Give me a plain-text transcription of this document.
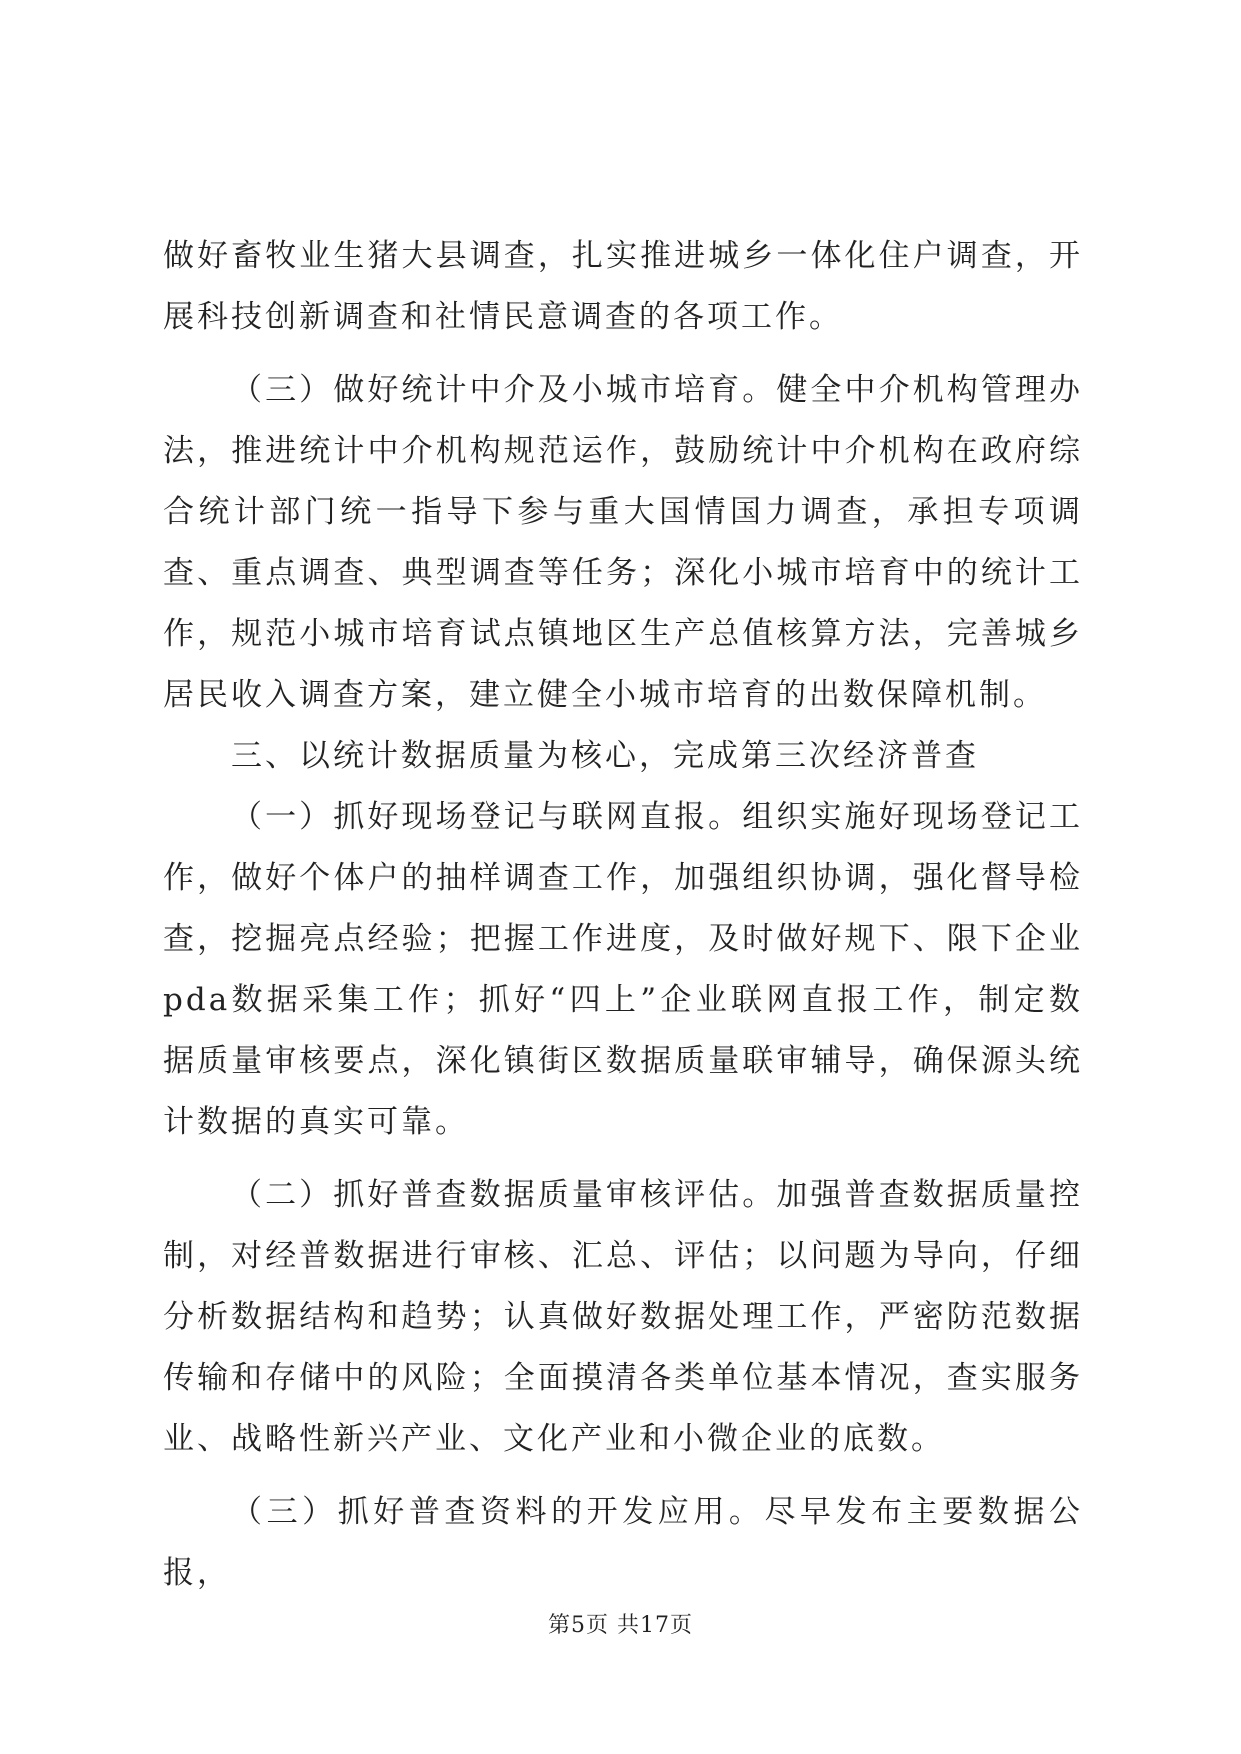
做好畜牧业生猪大县调查，扎实推进城乡一体化住户调查，开展科技创新调查和社情民意调查的各项工作。

（三）做好统计中介及小城市培育。健全中介机构管理办法，推进统计中介机构规范运作，鼓励统计中介机构在政府综合统计部门统一指导下参与重大国情国力调查，承担专项调查、重点调查、典型调查等任务；深化小城市培育中的统计工作，规范小城市培育试点镇地区生产总值核算方法，完善城乡居民收入调查方案，建立健全小城市培育的出数保障机制。

三、以统计数据质量为核心，完成第三次经济普查

（一）抓好现场登记与联网直报。组织实施好现场登记工作，做好个体户的抽样调查工作，加强组织协调，强化督导检查，挖掘亮点经验；把握工作进度，及时做好规下、限下企业pda数据采集工作；抓好“四上”企业联网直报工作，制定数据质量审核要点，深化镇街区数据质量联审辅导，确保源头统计数据的真实可靠。

（二）抓好普查数据质量审核评估。加强普查数据质量控制，对经普数据进行审核、汇总、评估；以问题为导向，仔细分析数据结构和趋势；认真做好数据处理工作，严密防范数据传输和存储中的风险；全面摸清各类单位基本情况，查实服务业、战略性新兴产业、文化产业和小微企业的底数。

（三）抓好普查资料的开发应用。尽早发布主要数据公报，

第5页 共17页
